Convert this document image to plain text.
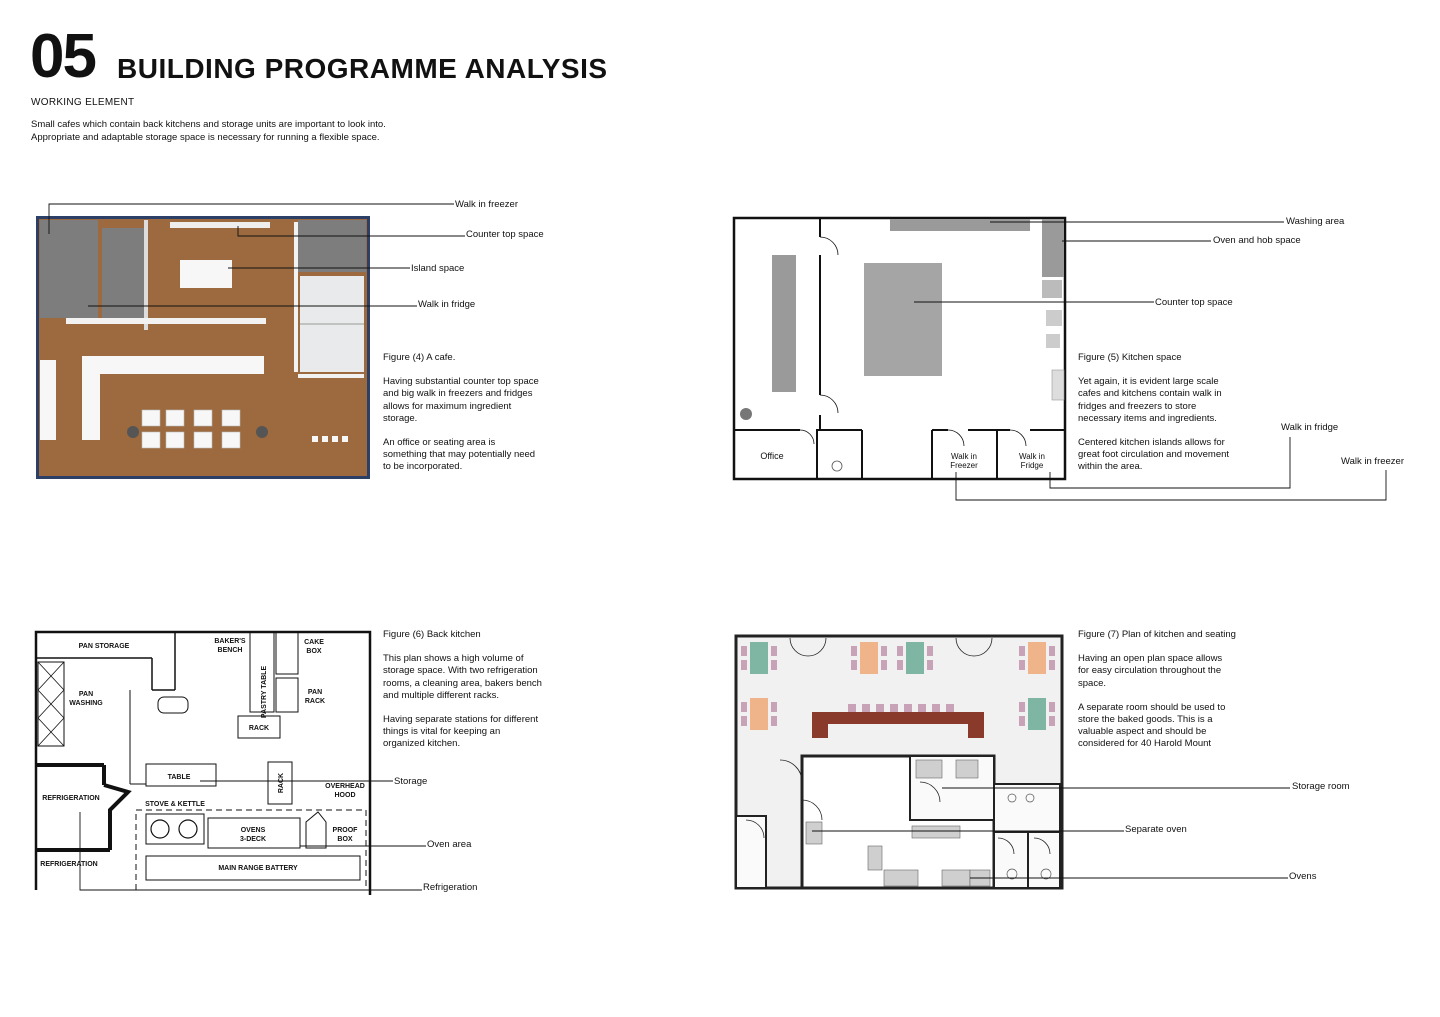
05 BUILDING PROGRAMME ANALYSIS
WORKING ELEMENT
Small cafes which contain back kitchens and storage units are important to look into.
Appropriate and adaptable storage space is necessary for running a flexible space.
Office	Walk in
Freezer
Walk in
Fridge
PAN STORAGE
BAKER'S
BENCH
CAKE
BOX
PAN
WASHING	PASTRY TABLE	PAN
RACK
RACK
RACK
TABLE
REFRIGERATION
REFRIGERATION
STOVE & KETTLE
OVERHEAD
HOOD
OVENS
3-DECK
PROOF
BOX
MAIN RANGE BATTERY
Walk in freezer
Counter top space
Island space
Walk in fridge
Figure (4) A cafe.
Having substantial counter top space
and big walk in freezers and fridges
allows for maximum ingredient
storage.
An office or seating area is
something that may potentially need
to be incorporated.
Washing area
Oven and hob space
Counter top space
Walk in fridge
Walk in freezer
Figure (5) Kitchen space
Yet again, it is evident large scale
cafes and kitchens contain walk in
fridges and freezers to store
necessary items and ingredients.
Centered kitchen islands allows for
great foot circulation and movement
within the area.
Figure (6) Back kitchen
This plan shows a high volume of
storage space. With two refrigeration
rooms, a cleaning area, bakers bench
and multiple different racks.
Having separate stations for different
things is vital for keeping an
organized kitchen.
Storage
Oven area
Refrigeration
Figure (7) Plan of kitchen and seating
Having an open plan space allows
for easy circulation throughout the
space.
A separate room should be used to
store the baked goods. This is a
valuable aspect and should be
considered for 40 Harold Mount
Storage room
Separate oven
Ovens
